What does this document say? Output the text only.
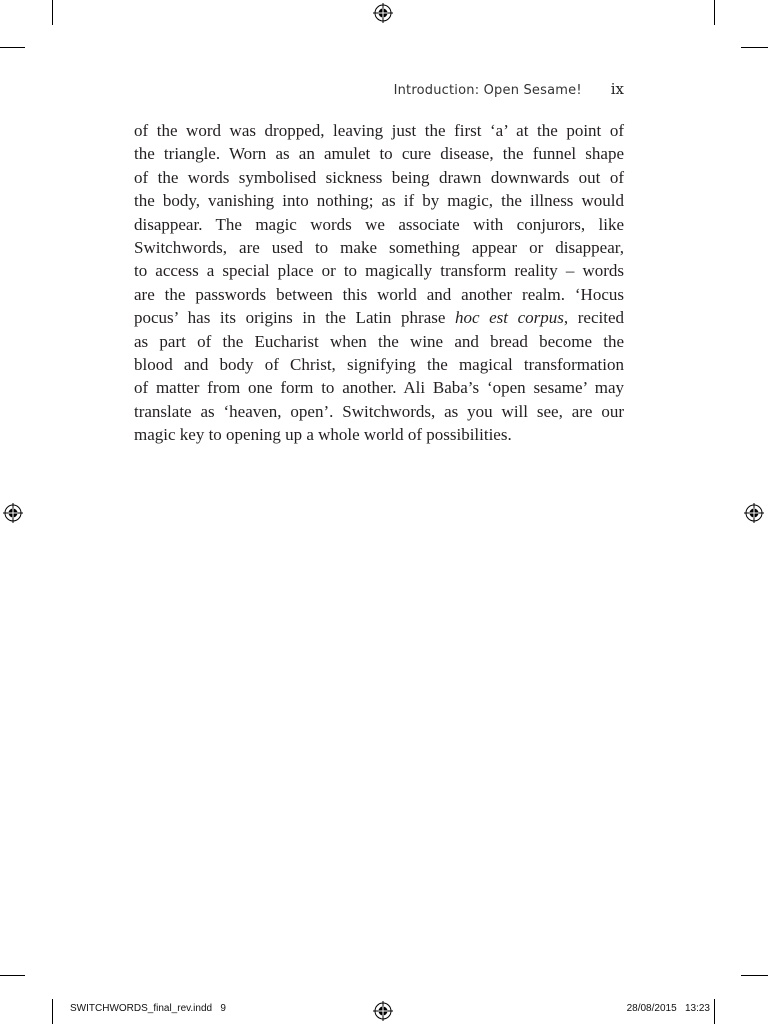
Introduction: Open Sesame! ix

of the word was dropped, leaving just the first ‘a’ at the point of
the triangle. Worn as an amulet to cure disease, the funnel shape
of the words symbolised sickness being drawn downwards out of
the body, vanishing into nothing; as if by magic, the illness would
disappear. The magic words we associate with conjurors, like
Switchwords, are used to make something appear or disappear,
to access a special place or to magically transform reality – words
are the passwords between this world and another realm. ‘Hocus
pocus’ has its origins in the Latin phrase hoc est corpus, recited
as part of the Eucharist when the wine and bread become the
blood and body of Christ, signifying the magical transformation
of matter from one form to another. Ali Baba’s ‘open sesame’ may
translate as ‘heaven, open’. Switchwords, as you will see, are our
magic key to opening up a whole world of possibilities.

SWITCHWORDS_final_rev.indd   9	28/08/2015   13:23
